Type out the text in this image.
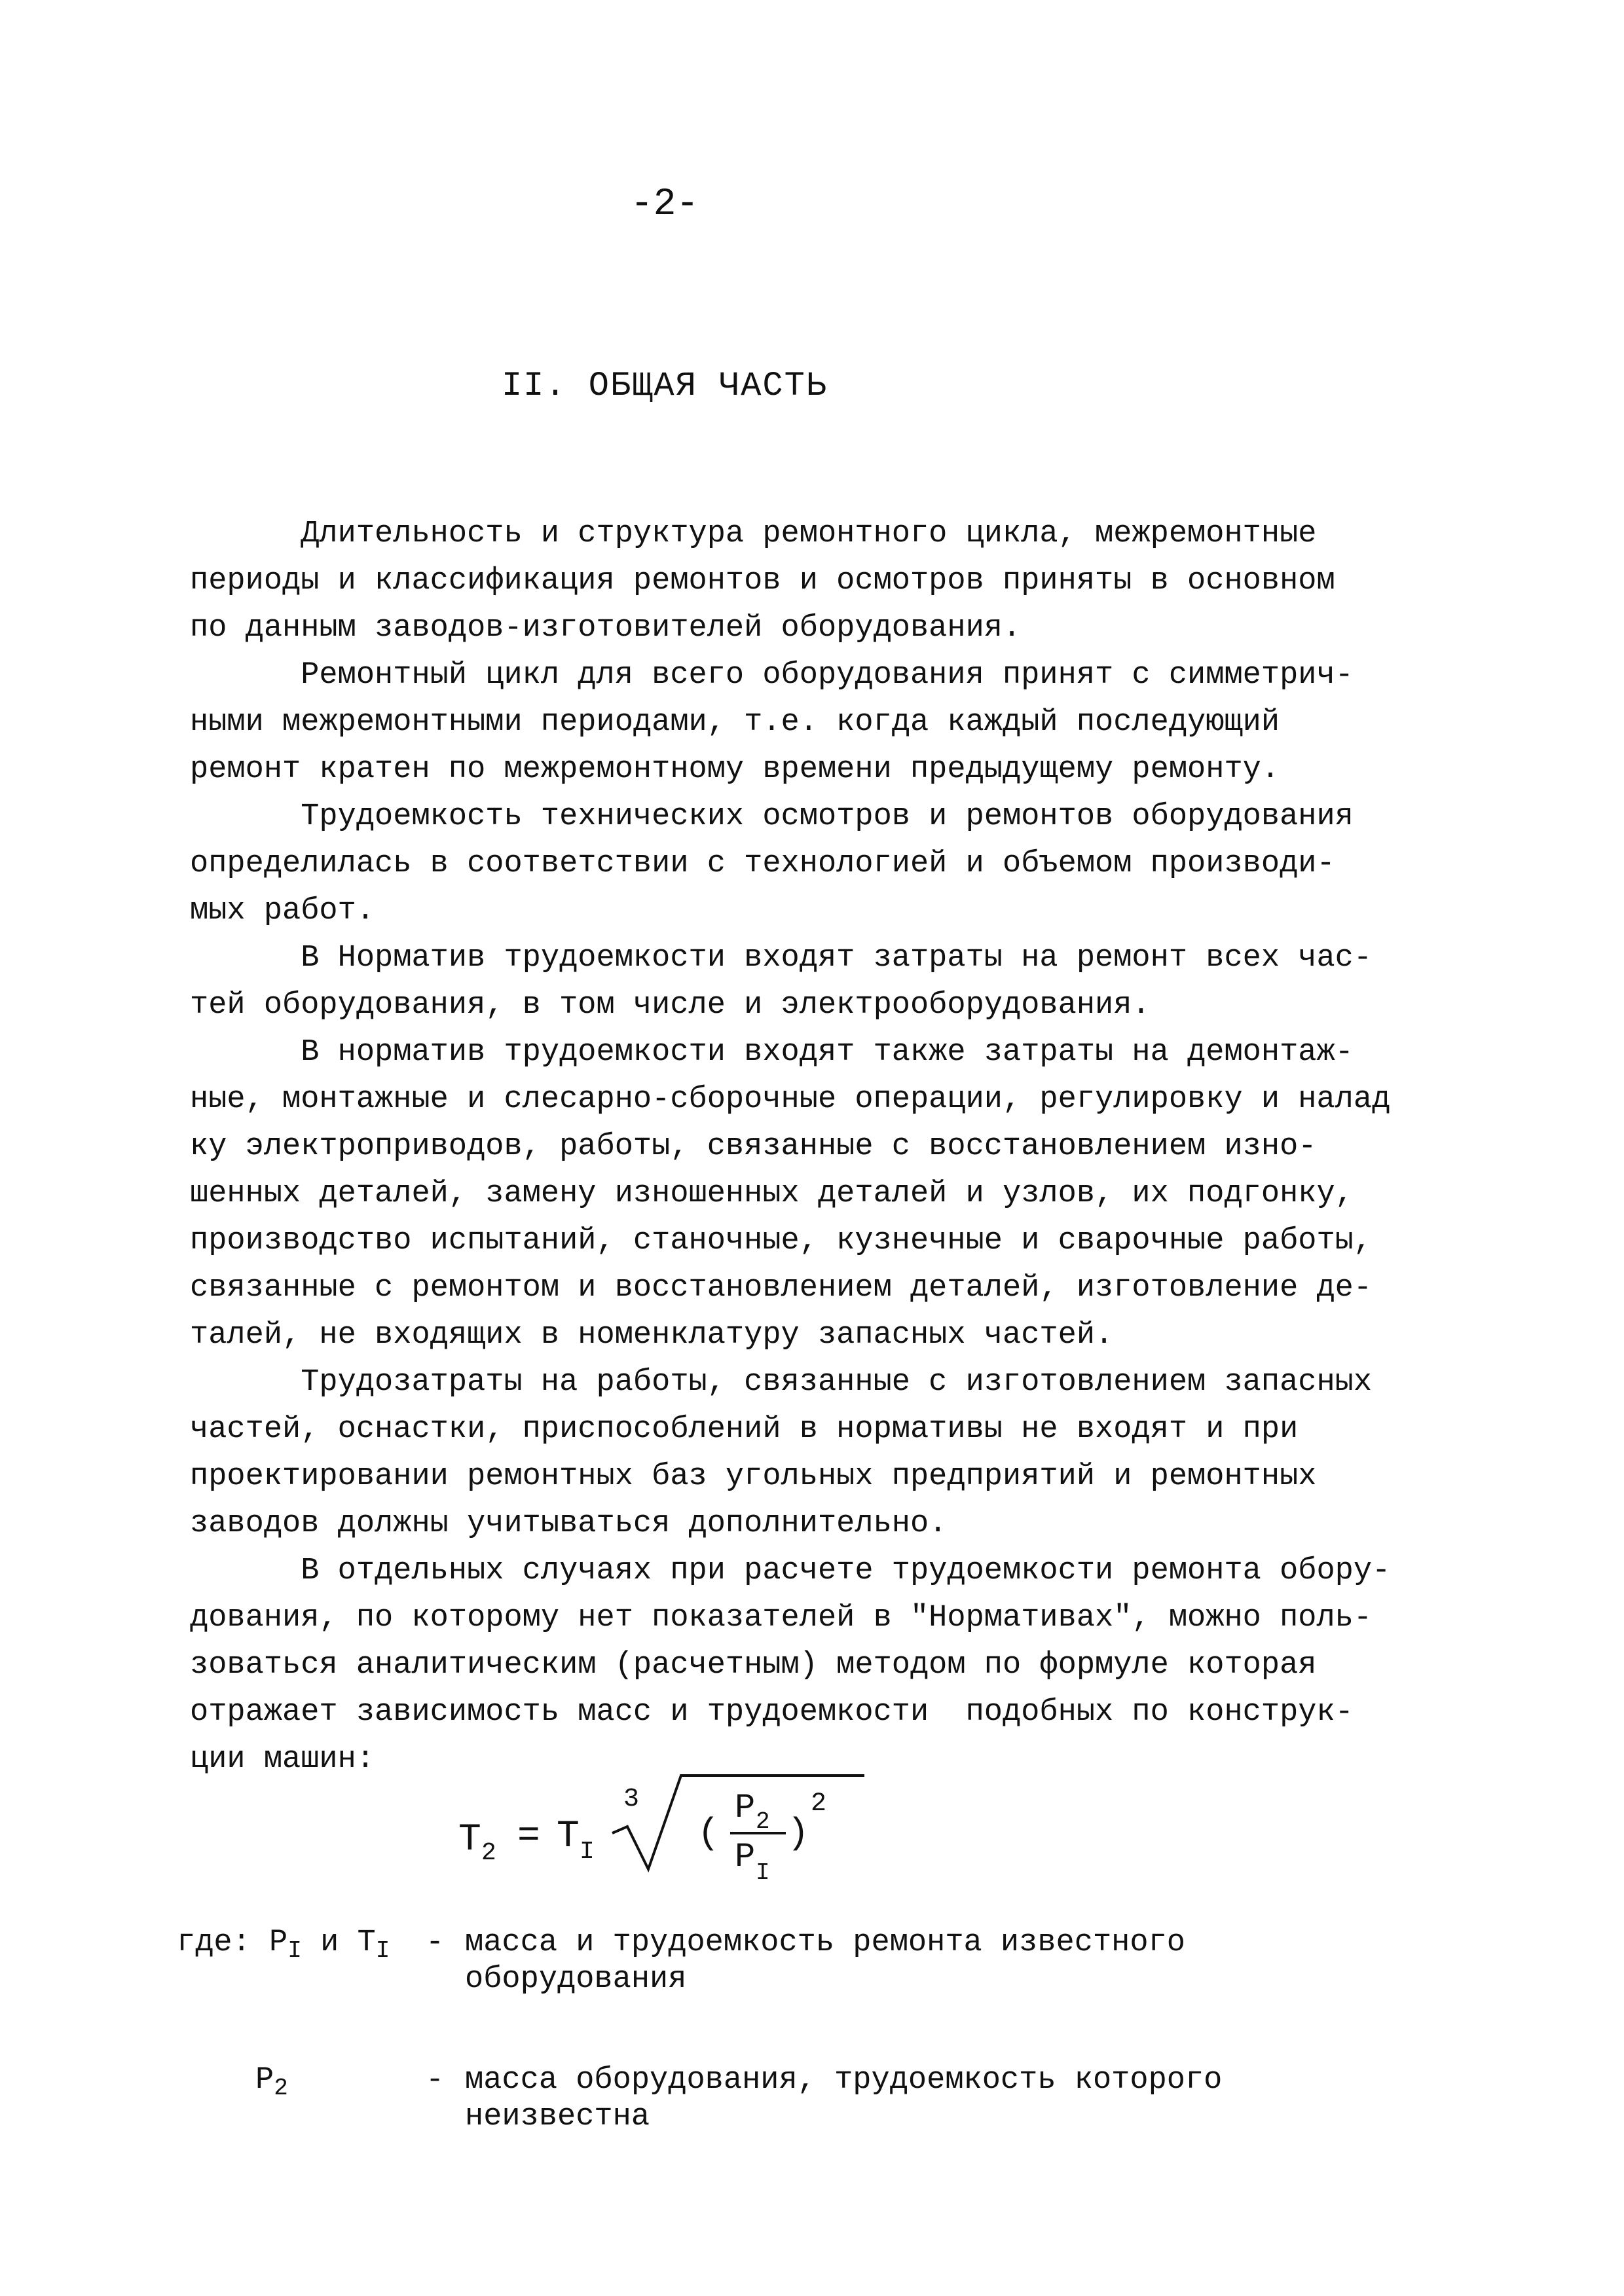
-2-
II. ОБЩАЯ ЧАСТЬ
Длительность и структура ремонтного цикла, межремонтные
периоды и классификация ремонтов и осмотров приняты в основном
по данным заводов-изготовителей оборудования.
Ремонтный цикл для всего оборудования принят с симметрич-
ными межремонтными периодами, т.е. когда каждый последующий
ремонт кратен по межремонтному времени предыдущему ремонту.
Трудоемкость технических осмотров и ремонтов оборудования
определилась в соответствии с технологией и объемом производи-
мых работ.
В Норматив трудоемкости входят затраты на ремонт всех час-
тей оборудования, в том числе и электрооборудования.
В норматив трудоемкости входят также затраты на демонтаж-
ные, монтажные и слесарно-сборочные операции, регулировку и налад
ку электроприводов, работы, связанные с восстановлением изно-
шенных деталей, замену изношенных деталей и узлов, их подгонку,
производство испытаний, станочные, кузнечные и сварочные работы,
связанные с ремонтом и восстановлением деталей, изготовление де-
талей, не входящих в номенклатуру запасных частей.
Трудозатраты на работы, связанные с изготовлением запасных
частей, оснастки, приспособлений в нормативы не входят и при
проектировании ремонтных баз угольных предприятий и ремонтных
заводов должны учитываться дополнительно.
В отдельных случаях при расчете трудоемкости ремонта обору-
дования, по которому нет показателей в "Нормативах", можно поль-
зоваться аналитическим (расчетным) методом по формуле которая
отражает зависимость масс и трудоемкости  подобных по конструк-
ции машин:
T 2 = T I
3
(
P 2
P I
)
2
где: $P_I$ и $T_I$ - масса и трудоемкость ремонта известного оборудования
$P_2$	- масса оборудования, трудоемкость которого неизвестна
